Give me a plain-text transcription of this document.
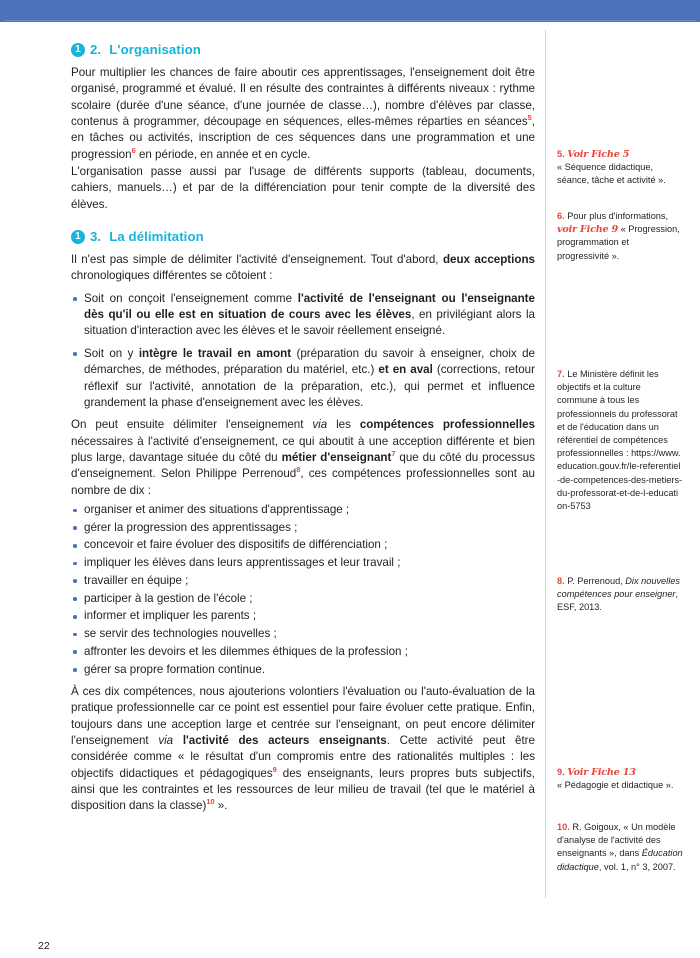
1 2. L'organisation

Pour multiplier les chances de faire aboutir ces apprentissages, l'enseignement doit être organisé, programmé et évalué. Il en résulte des contraintes à différents niveaux : rythme scolaire (durée d'une séance, d'une journée de classe…), nombre d'élèves par classe, contenus à programmer, découpage en séquences, elles-mêmes réparties en séances$^5$, en tâches ou activités, inscription de ces séquences dans une programmation et une progression$^6$ en période, en année et en cycle.

L'organisation passe aussi par l'usage de différents supports (tableau, documents, cahiers, manuels…) et par de la différenciation pour tenir compte de la diversité des élèves.

1 3. La délimitation

Il n'est pas simple de délimiter l'activité d'enseignement. Tout d'abord, deux acceptions chronologiques différentes se côtoient :

Soit on conçoit l'enseignement comme l'activité de l'enseignant ou l'enseignante dès qu'il ou elle est en situation de cours avec les élèves, en privilégiant alors la situation d'interaction avec les élèves et le savoir réellement enseigné.

Soit on y intègre le travail en amont (préparation du savoir à enseigner, choix de démarches, de méthodes, préparation du matériel, etc.) et en aval (corrections, retour réflexif sur l'activité, annotation de la préparation, etc.), qui permet et influence grandement la phase d'enseignement avec les élèves.

On peut ensuite délimiter l'enseignement via les compétences professionnelles nécessaires à l'activité d'enseignement, ce qui aboutit à une acception différente et bien plus large, davantage située du côté du métier d'enseignant$^7$ que du côté du processus d'enseignement. Selon Philippe Perrenoud$^8$, ces compétences professionnelles sont au nombre de dix :

organiser et animer des situations d'apprentissage ;
gérer la progression des apprentissages ;
concevoir et faire évoluer des dispositifs de différenciation ;
impliquer les élèves dans leurs apprentissages et leur travail ;
travailler en équipe ;
participer à la gestion de l'école ;
informer et impliquer les parents ;
se servir des technologies nouvelles ;
affronter les devoirs et les dilemmes éthiques de la profession ;
gérer sa propre formation continue.

À ces dix compétences, nous ajouterions volontiers l'évaluation ou l'auto-évaluation de la pratique professionnelle car ce point est essentiel pour faire évoluer cette pratique. Enfin, toujours dans une acception large et centrée sur l'enseignant, on peut encore délimiter l'enseignement via l'activité des acteurs enseignants. Cette activité peut être considérée comme « le résultat d'un compromis entre des rationalités multiples : les objectifs didactiques et pédagogiques$^9$ des enseignants, leurs propres buts subjectifs, ainsi que les contraintes et les ressources de leur milieu de travail (tel que le matériel à disposition dans la classe)$^{10}$ ».

5. Voir Fiche 5
« Séquence didactique, séance, tâche et activité ».
6. Pour plus d'informations, voir Fiche 9 « Progression, programmation et progressivité ».
7. Le Ministère définit les objectifs et la culture commune à tous les professionnels du professorat et de l'éducation dans un référentiel de compétences professionnelles : https://www.education.gouv.fr/le-referentiel-de-competences-des-metiers-du-professorat-et-de-l-education-5753
8. P. Perrenoud, Dix nouvelles compétences pour enseigner, ESF, 2013.
9. Voir Fiche 13
« Pédagogie et didactique ».
10. R. Goigoux, « Un modèle d'analyse de l'activité des enseignants », dans Éducation didactique, vol. 1, n° 3, 2007.
22
